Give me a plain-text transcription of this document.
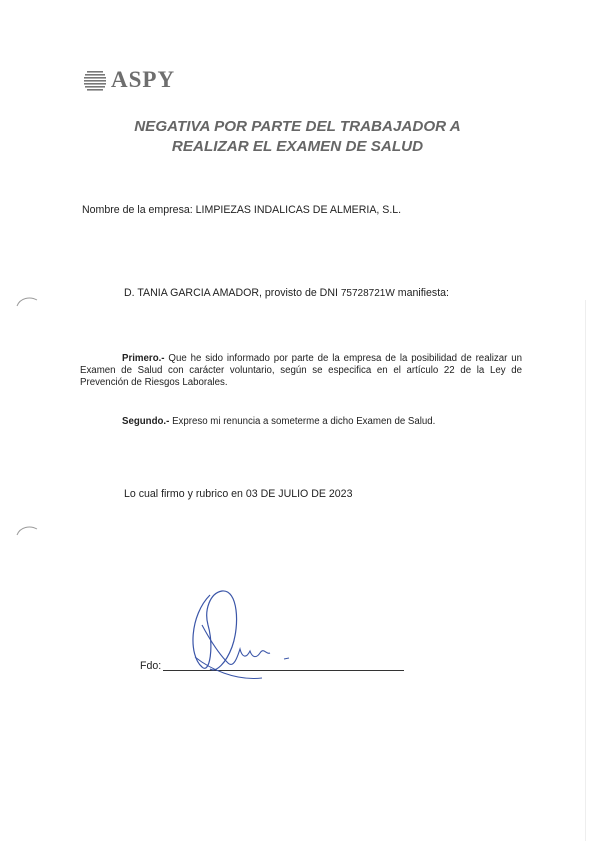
ASPY
NEGATIVA POR PARTE DEL TRABAJADOR A
REALIZAR EL EXAMEN DE SALUD
Nombre de la empresa: LIMPIEZAS INDALICAS DE ALMERIA, S.L.
D. TANIA GARCIA AMADOR, provisto de DNI 75728721W manifiesta:
Primero.- Que he sido informado por parte de la empresa de la posibilidad de realizar un Examen de Salud con carácter voluntario, según se especifica en el artículo 22 de la Ley de Prevención de Riesgos Laborales.
Segundo.- Expreso mi renuncia a someterme a dicho Examen de Salud.
Lo cual firmo y rubrico en 03 DE JULIO DE 2023
Fdo:
